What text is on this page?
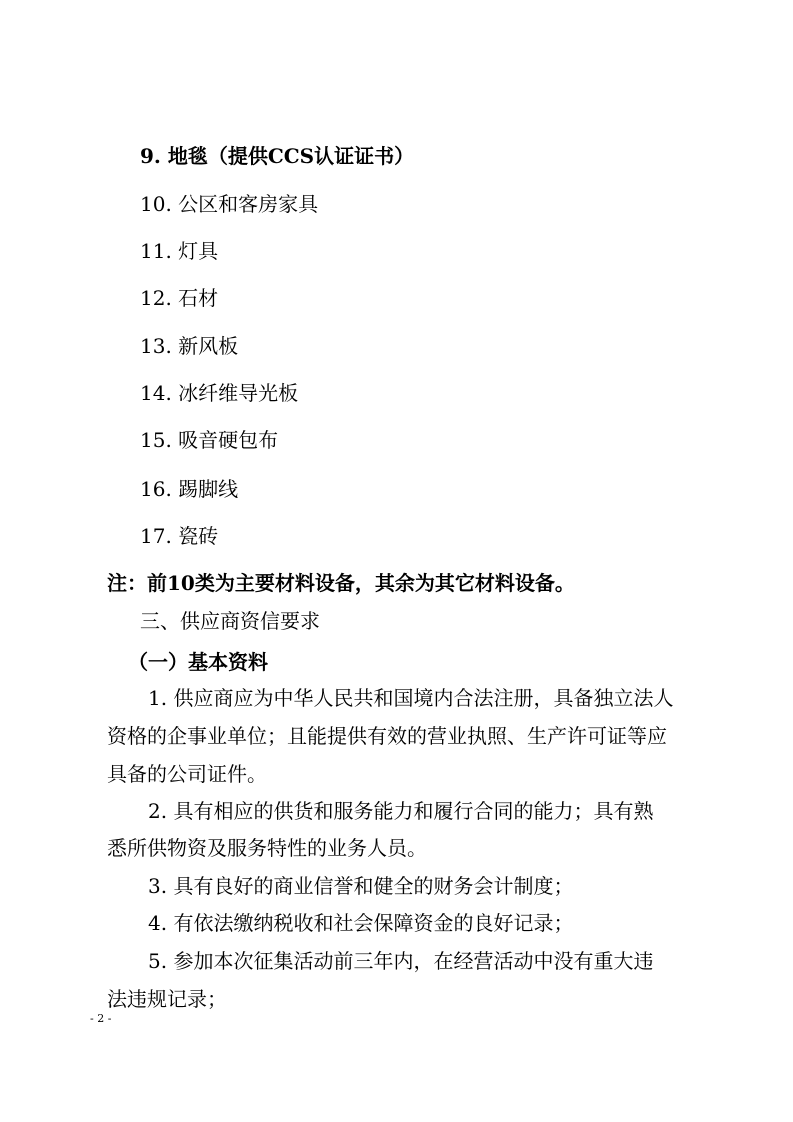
9. 地毯（提供CCS认证证书）
10. 公区和客房家具
11. 灯具
12. 石材
13. 新风板
14. 冰纤维导光板
15. 吸音硬包布
16. 踢脚线
17. 瓷砖
注：前10类为主要材料设备，其余为其它材料设备。
三、供应商资信要求
（一）基本资料
1. 供应商应为中华人民共和国境内合法注册，具备独立法人
资格的企事业单位；且能提供有效的营业执照、生产许可证等应
具备的公司证件。
2. 具有相应的供货和服务能力和履行合同的能力；具有熟
悉所供物资及服务特性的业务人员。
3. 具有良好的商业信誉和健全的财务会计制度；
4. 有依法缴纳税收和社会保障资金的良好记录；
5. 参加本次征集活动前三年内，在经营活动中没有重大违
法违规记录；
- 2 -
